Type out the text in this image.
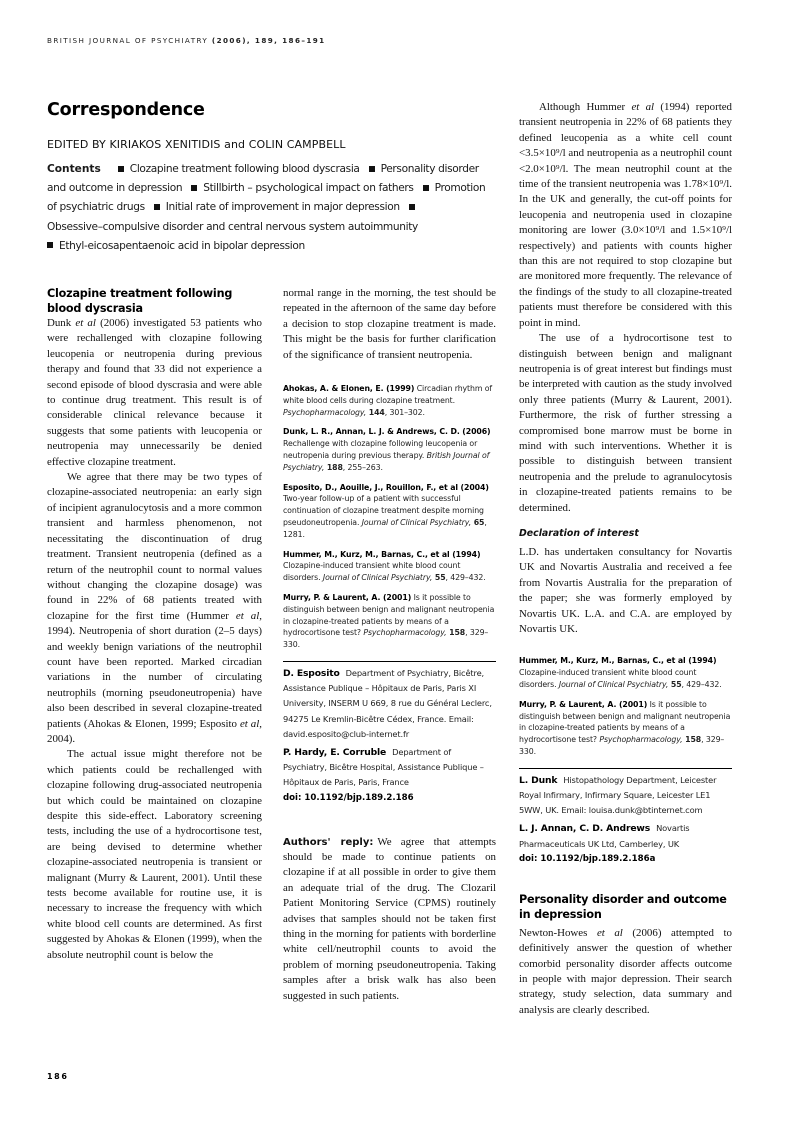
BRITISH JOURNAL OF PSYCHIATRY (2006), 189, 186–191
Correspondence
EDITED BY KIRIAKOS XENITIDIS and COLIN CAMPBELL
Contents	Clozapine treatment following blood dyscrasia Personality disorder and outcome in depression Stillbirth – psychological impact on fathers Promotion of psychiatric drugs Initial rate of improvement in major depression
Obsessive–compulsive disorder and central nervous system autoimmunity
Ethyl-eicosapentaenoic acid in bipolar depression
Clozapine treatment following blood dyscrasia

Dunk et al (2006) investigated 53 patients who were rechallenged with clozapine following leucopenia or neutropenia during previous therapy and found that 33 did not experience a second episode of blood dyscrasia and were able to continue drug treatment. This result is of considerable clinical relevance because it suggests that some patients with leucopenia or neutropenia may unnecessarily be denied effective clozapine treatment.

We agree that there may be two types of clozapine-associated neutropenia: an early sign of incipient agranulocytosis and a more common transient and harmless phenomenon, not necessitating the discontinuation of drug treatment. Transient neutropenia (defined as a return of the neutrophil count to normal values without changing the clozapine dosage) was found in 22% of 68 patients treated with clozapine for the first time (Hummer et al, 1994). Neutropenia of short duration (2–5 days) and weekly benign variations of the neutrophil count have been reported. Marked circadian variations in the number of circulating neutrophils (morning pseudoneutropenia) have also been described in several clozapine-treated patients (Ahokas & Elonen, 1999; Esposito et al, 2004).

The actual issue might therefore not be which patients could be rechallenged with clozapine following drug-associated neutropenia but which could be maintained on clozapine despite this side-effect. Laboratory screening tests, including the use of a hydrocortisone test, are being devised to determine whether clozapine-associated neutropenia is transient or malignant (Murry & Laurent, 2001). Until these tests become available for routine use, it is necessary to increase the frequency with which white blood cell counts are determined. As first suggested by Ahokas & Elonen (1999), when the absolute neutrophil count is below the

normal range in the morning, the test should be repeated in the afternoon of the same day before a decision to stop clozapine treatment is made. This might be the basis for further clarification of the significance of transient neutropenia.

Ahokas, A. & Elonen, E. (1999) Circadian rhythm of white blood cells during clozapine treatment. Psychopharmacology, 144, 301–302.

Dunk, L. R., Annan, L. J. & Andrews, C. D. (2006) Rechallenge with clozapine following leucopenia or neutropenia during previous therapy. British Journal of Psychiatry, 188, 255–263.

Esposito, D., Aouille, J., Rouillon, F., et al (2004) Two-year follow-up of a patient with successful continuation of clozapine treatment despite morning pseudoneutropenia. Journal of Clinical Psychiatry, 65, 1281.

Hummer, M., Kurz, M., Barnas, C., et al (1994) Clozapine-induced transient white blood count disorders. Journal of Clinical Psychiatry, 55, 429–432.

Murry, P. & Laurent, A. (2001) Is it possible to distinguish between benign and malignant neutropenia in clozapine-treated patients by means of a hydrocortisone test? Psychopharmacology, 158, 329–330.

D. Esposito Department of Psychiatry, Bicêtre, Assistance Publique – Hôpitaux de Paris, Paris XI University, INSERM U 669, 8 rue du Général Leclerc, 94275 Le Kremlin-Bicêtre Cédex, France. Email: david.esposito@club-internet.fr

P. Hardy, E. Corruble Department of Psychiatry, Bicêtre Hospital, Assistance Publique – Hôpitaux de Paris, Paris, France

doi: 10.1192/bjp.189.2.186

Authors' reply: We agree that attempts should be made to continue patients on clozapine if at all possible in order to give them an adequate trial of the drug. The Clozaril Patient Monitoring Service (CPMS) routinely advises that samples should not be taken first thing in the morning for patients with borderline white cell/neutrophil counts to avoid the problem of morning pseudoneutropenia. Taking samples after a brisk walk has also been suggested in such patients.

Although Hummer et al (1994) reported transient neutropenia in 22% of 68 patients they defined leucopenia as a white cell count <3.5×10⁹/l and neutropenia as a neutrophil count <2.0×10⁹/l. The mean neutrophil count at the time of the transient neutropenia was 1.78×10⁹/l. In the UK and generally, the cut-off points for leucopenia and neutropenia used in clozapine monitoring are lower (3.0×10⁹/l and 1.5×10⁹/l respectively) and patients with counts higher than this are not required to stop clozapine but are monitored more frequently. The relevance of the findings of the study to all clozapine-treated patients must therefore be considered with this point in mind.

The use of a hydrocortisone test to distinguish between benign and malignant neutropenia is of great interest but findings must be interpreted with caution as the study involved only three patients (Murry & Laurent, 2001). Furthermore, the risk of further stressing a compromised bone marrow must be borne in mind with such interventions. Whether it is possible to distinguish between transient neutropenia and the prelude to agranulocytosis in clozapine-treated patients remains to be determined.

Declaration of interest

L.D. has undertaken consultancy for Novartis UK and Novartis Australia and received a fee from Novartis Australia for the preparation of the paper; she was formerly employed by Novartis UK. L.A. and C.A. are employed by Novartis UK.

Hummer, M., Kurz, M., Barnas, C., et al (1994) Clozapine-induced transient white blood count disorders. Journal of Clinical Psychiatry, 55, 429–432.

Murry, P. & Laurent, A. (2001) Is it possible to distinguish between benign and malignant neutropenia in clozapine-treated patients by means of a hydrocortisone test? Psychopharmacology, 158, 329–330.

L. Dunk Histopathology Department, Leicester Royal Infirmary, Infirmary Square, Leicester LE1 5WW, UK. Email: louisa.dunk@btinternet.com

L. J. Annan, C. D. Andrews Novartis Pharmaceuticals UK Ltd, Camberley, UK

doi: 10.1192/bjp.189.2.186a

Personality disorder and outcome in depression

Newton-Howes et al (2006) attempted to definitively answer the question of whether comorbid personality disorder affects outcome in people with major depression. Their search strategy, study selection, data summary and analysis are clearly described.

186
